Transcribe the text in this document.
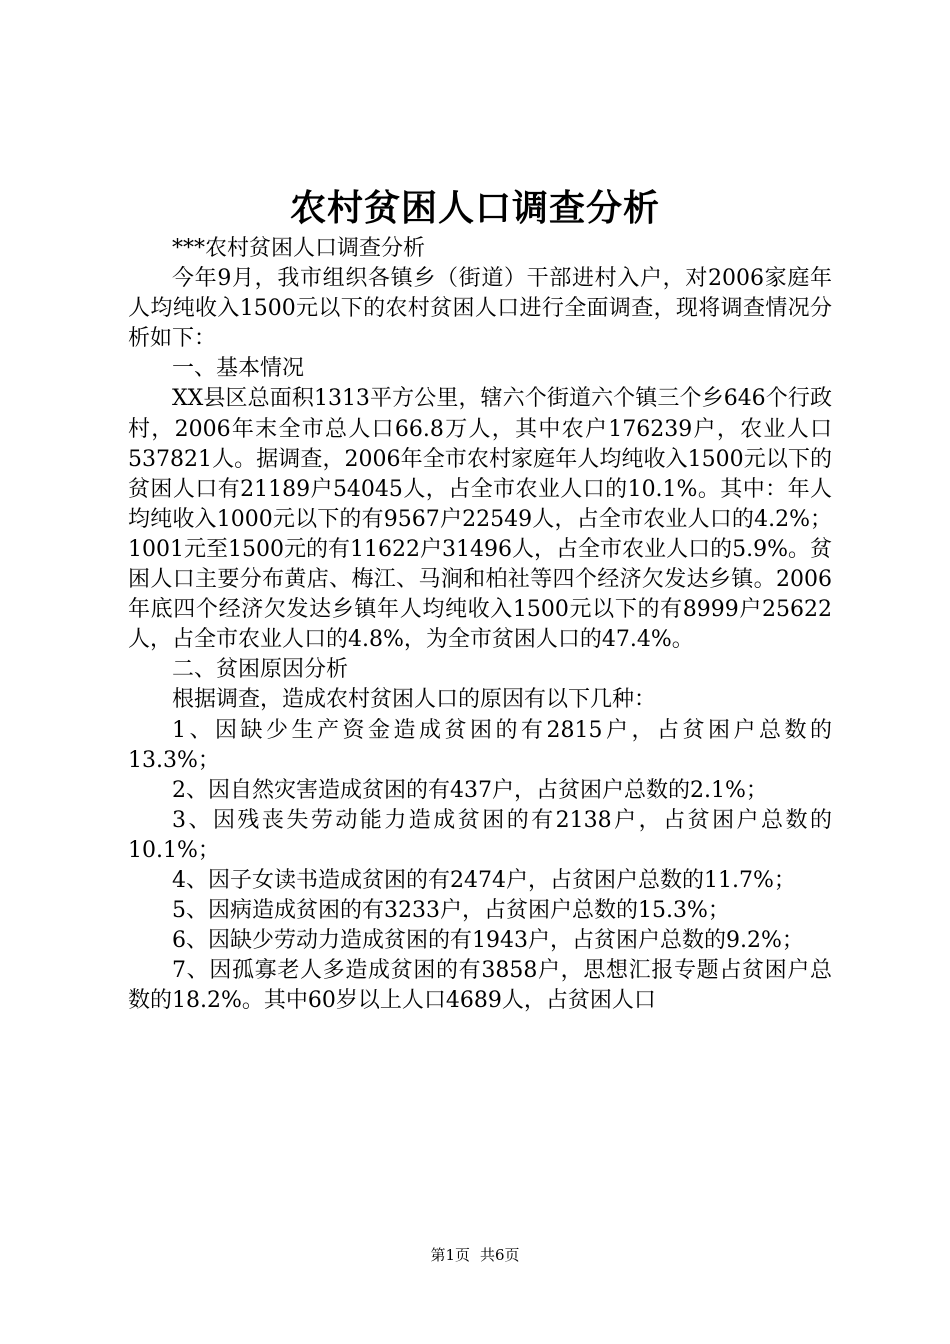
农村贫困人口调查分析

***农村贫困人口调查分析

今年9月，我市组织各镇乡（街道）干部进村入户，对2006家庭年人均纯收入1500元以下的农村贫困人口进行全面调查，现将调查情况分析如下：

一、基本情况

XX县区总面积1313平方公里，辖六个街道六个镇三个乡646个行政村，2006年末全市总人口66.8万人，其中农户176239户，农业人口537821人。据调查，2006年全市农村家庭年人均纯收入1500元以下的贫困人口有21189户54045人，占全市农业人口的10.1%。其中：年人均纯收入1000元以下的有9567户22549人，占全市农业人口的4.2%；1001元至1500元的有11622户31496人，占全市农业人口的5.9%。贫困人口主要分布黄店、梅江、马涧和柏社等四个经济欠发达乡镇。2006年底四个经济欠发达乡镇年人均纯收入1500元以下的有8999户25622人，占全市农业人口的4.8%，为全市贫困人口的47.4%。

二、贫困原因分析

根据调查，造成农村贫困人口的原因有以下几种：

1、因缺少生产资金造成贫困的有2815户，占贫困户总数的13.3%；

2、因自然灾害造成贫困的有437户，占贫困户总数的2.1%；

3、因残丧失劳动能力造成贫困的有2138户，占贫困户总数的10.1%；

4、因子女读书造成贫困的有2474户，占贫困户总数的11.7%；

5、因病造成贫困的有3233户，占贫困户总数的15.3%；

6、因缺少劳动力造成贫困的有1943户，占贫困户总数的9.2%；

7、因孤寡老人多造成贫困的有3858户，思想汇报专题占贫困户总数的18.2%。其中60岁以上人口4689人，占贫困人口

第1页 共6页
